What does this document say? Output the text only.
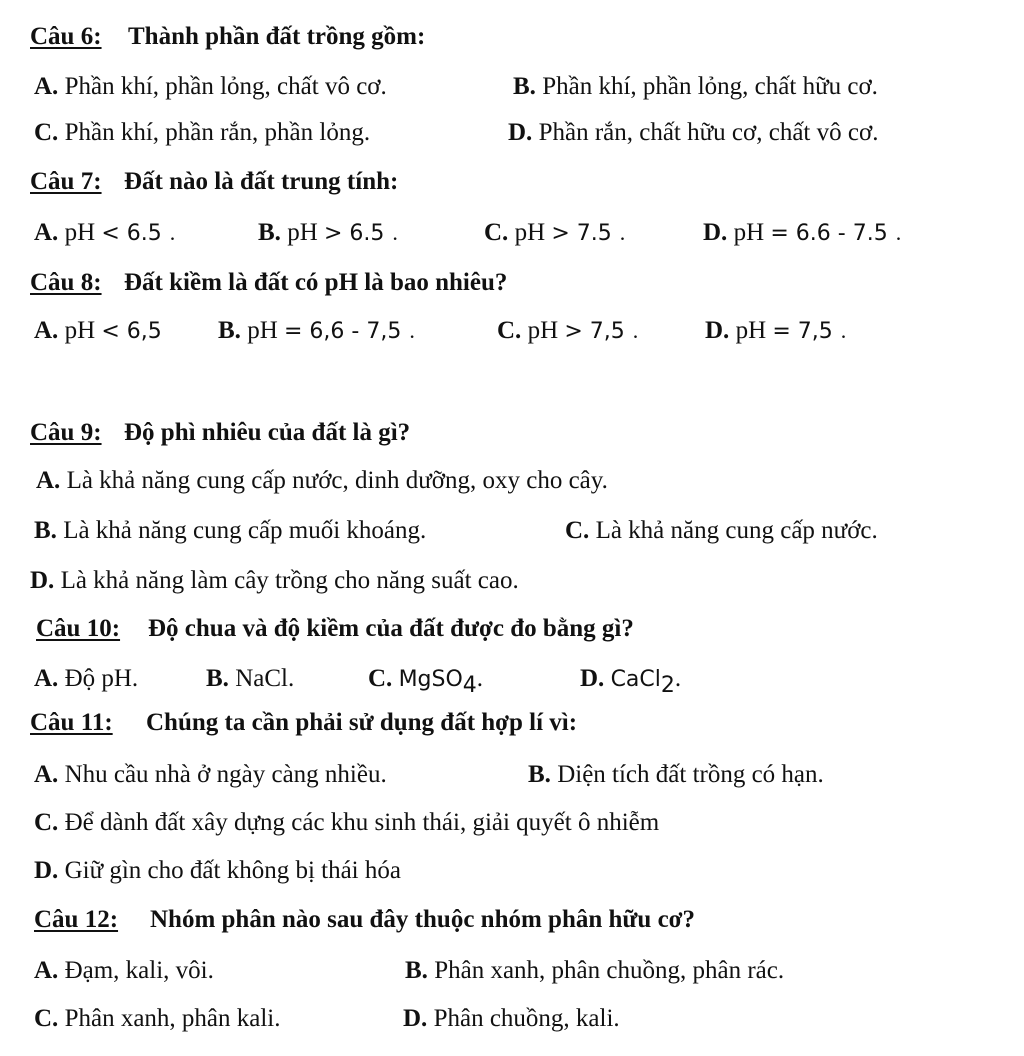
Câu 6: Thành phần đất trồng gồm:
A. Phần khí, phần lỏng, chất vô cơ.	B. Phần khí, phần lỏng, chất hữu cơ.
C. Phần khí, phần rắn, phần lỏng.	D. Phần rắn, chất hữu cơ, chất vô cơ.
Câu 7: Đất nào là đất trung tính:
A. pH < 6.5 .	B. pH > 6.5 .	C. pH > 7.5 .	D. pH = 6.6 - 7.5 .
Câu 8: Đất kiềm là đất có pH là bao nhiêu?
A. pH < 6,5 B. pH = 6,6 - 7,5 .	C. pH > 7,5 .	D. pH = 7,5 .
Câu 9: Độ phì nhiêu của đất là gì?
A. Là khả năng cung cấp nước, dinh dưỡng, oxy cho cây.
B. Là khả năng cung cấp muối khoáng.	C. Là khả năng cung cấp nước.
D. Là khả năng làm cây trồng cho năng suất cao.
Câu 10: Độ chua và độ kiềm của đất được đo bằng gì?
A. Độ pH.	B. NaCl.	C. MgSO$_4$.	D. CaCl$_2$.
Câu 11: Chúng ta cần phải sử dụng đất hợp lí vì:
A. Nhu cầu nhà ở ngày càng nhiều.	B. Diện tích đất trồng có hạn.
C. Để dành đất xây dựng các khu sinh thái, giải quyết ô nhiễm
D. Giữ gìn cho đất không bị thái hóa
Câu 12: Nhóm phân nào sau đây thuộc nhóm phân hữu cơ?
A. Đạm, kali, vôi.	B. Phân xanh, phân chuồng, phân rác.
C. Phân xanh, phân kali.	D. Phân chuồng, kali.
